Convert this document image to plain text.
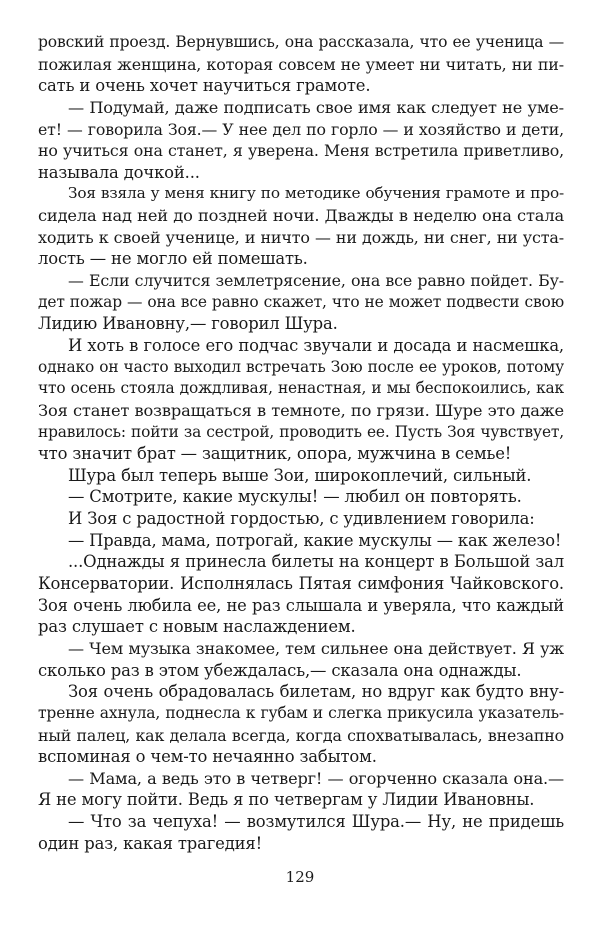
ровский проезд. Вернувшись, она рассказала, что ее ученица —
пожилая женщина, которая совсем не умеет ни читать, ни пи-
сать и очень хочет научиться грамоте.
— Подумай, даже подписать свое имя как следует не уме-
ет! — говорила Зоя.— У нее дел по горло — и хозяйство и дети,
но учиться она станет, я уверена. Меня встретила приветливо,
называла дочкой...
Зоя взяла у меня книгу по методике обучения грамоте и про-
сидела над ней до поздней ночи. Дважды в неделю она стала
ходить к своей ученице, и ничто — ни дождь, ни снег, ни уста-
лость — не могло ей помешать.
— Если случится землетрясение, она все равно пойдет. Бу-
дет пожар — она все равно скажет, что не может подвести свою
Лидию Ивановну,— говорил Шура.
И хоть в голосе его подчас звучали и досада и насмешка,
однако он часто выходил встречать Зою после ее уроков, потому
что осень стояла дождливая, ненастная, и мы беспокоились, как
Зоя станет возвращаться в темноте, по грязи. Шуре это даже
нравилось: пойти за сестрой, проводить ее. Пусть Зоя чувствует,
что значит брат — защитник, опора, мужчина в семье!
Шура был теперь выше Зои, широкоплечий, сильный.
— Смотрите, какие мускулы! — любил он повторять.
И Зоя с радостной гордостью, с удивлением говорила:
— Правда, мама, потрогай, какие мускулы — как железо!
...Однажды я принесла билеты на концерт в Большой зал
Консерватории. Исполнялась Пятая симфония Чайковского.
Зоя очень любила ее, не раз слышала и уверяла, что каждый
раз слушает с новым наслаждением.
— Чем музыка знакомее, тем сильнее она действует. Я уж
сколько раз в этом убеждалась,— сказала она однажды.
Зоя очень обрадовалась билетам, но вдруг как будто вну-
тренне ахнула, поднесла к губам и слегка прикусила указатель-
ный палец, как делала всегда, когда спохватывалась, внезапно
вспоминая о чем-то нечаянно забытом.
— Мама, а ведь это в четверг! — огорченно сказала она.—
Я не могу пойти. Ведь я по четвергам у Лидии Ивановны.
— Что за чепуха! — возмутился Шура.— Ну, не придешь
один раз, какая трагедия!
129
